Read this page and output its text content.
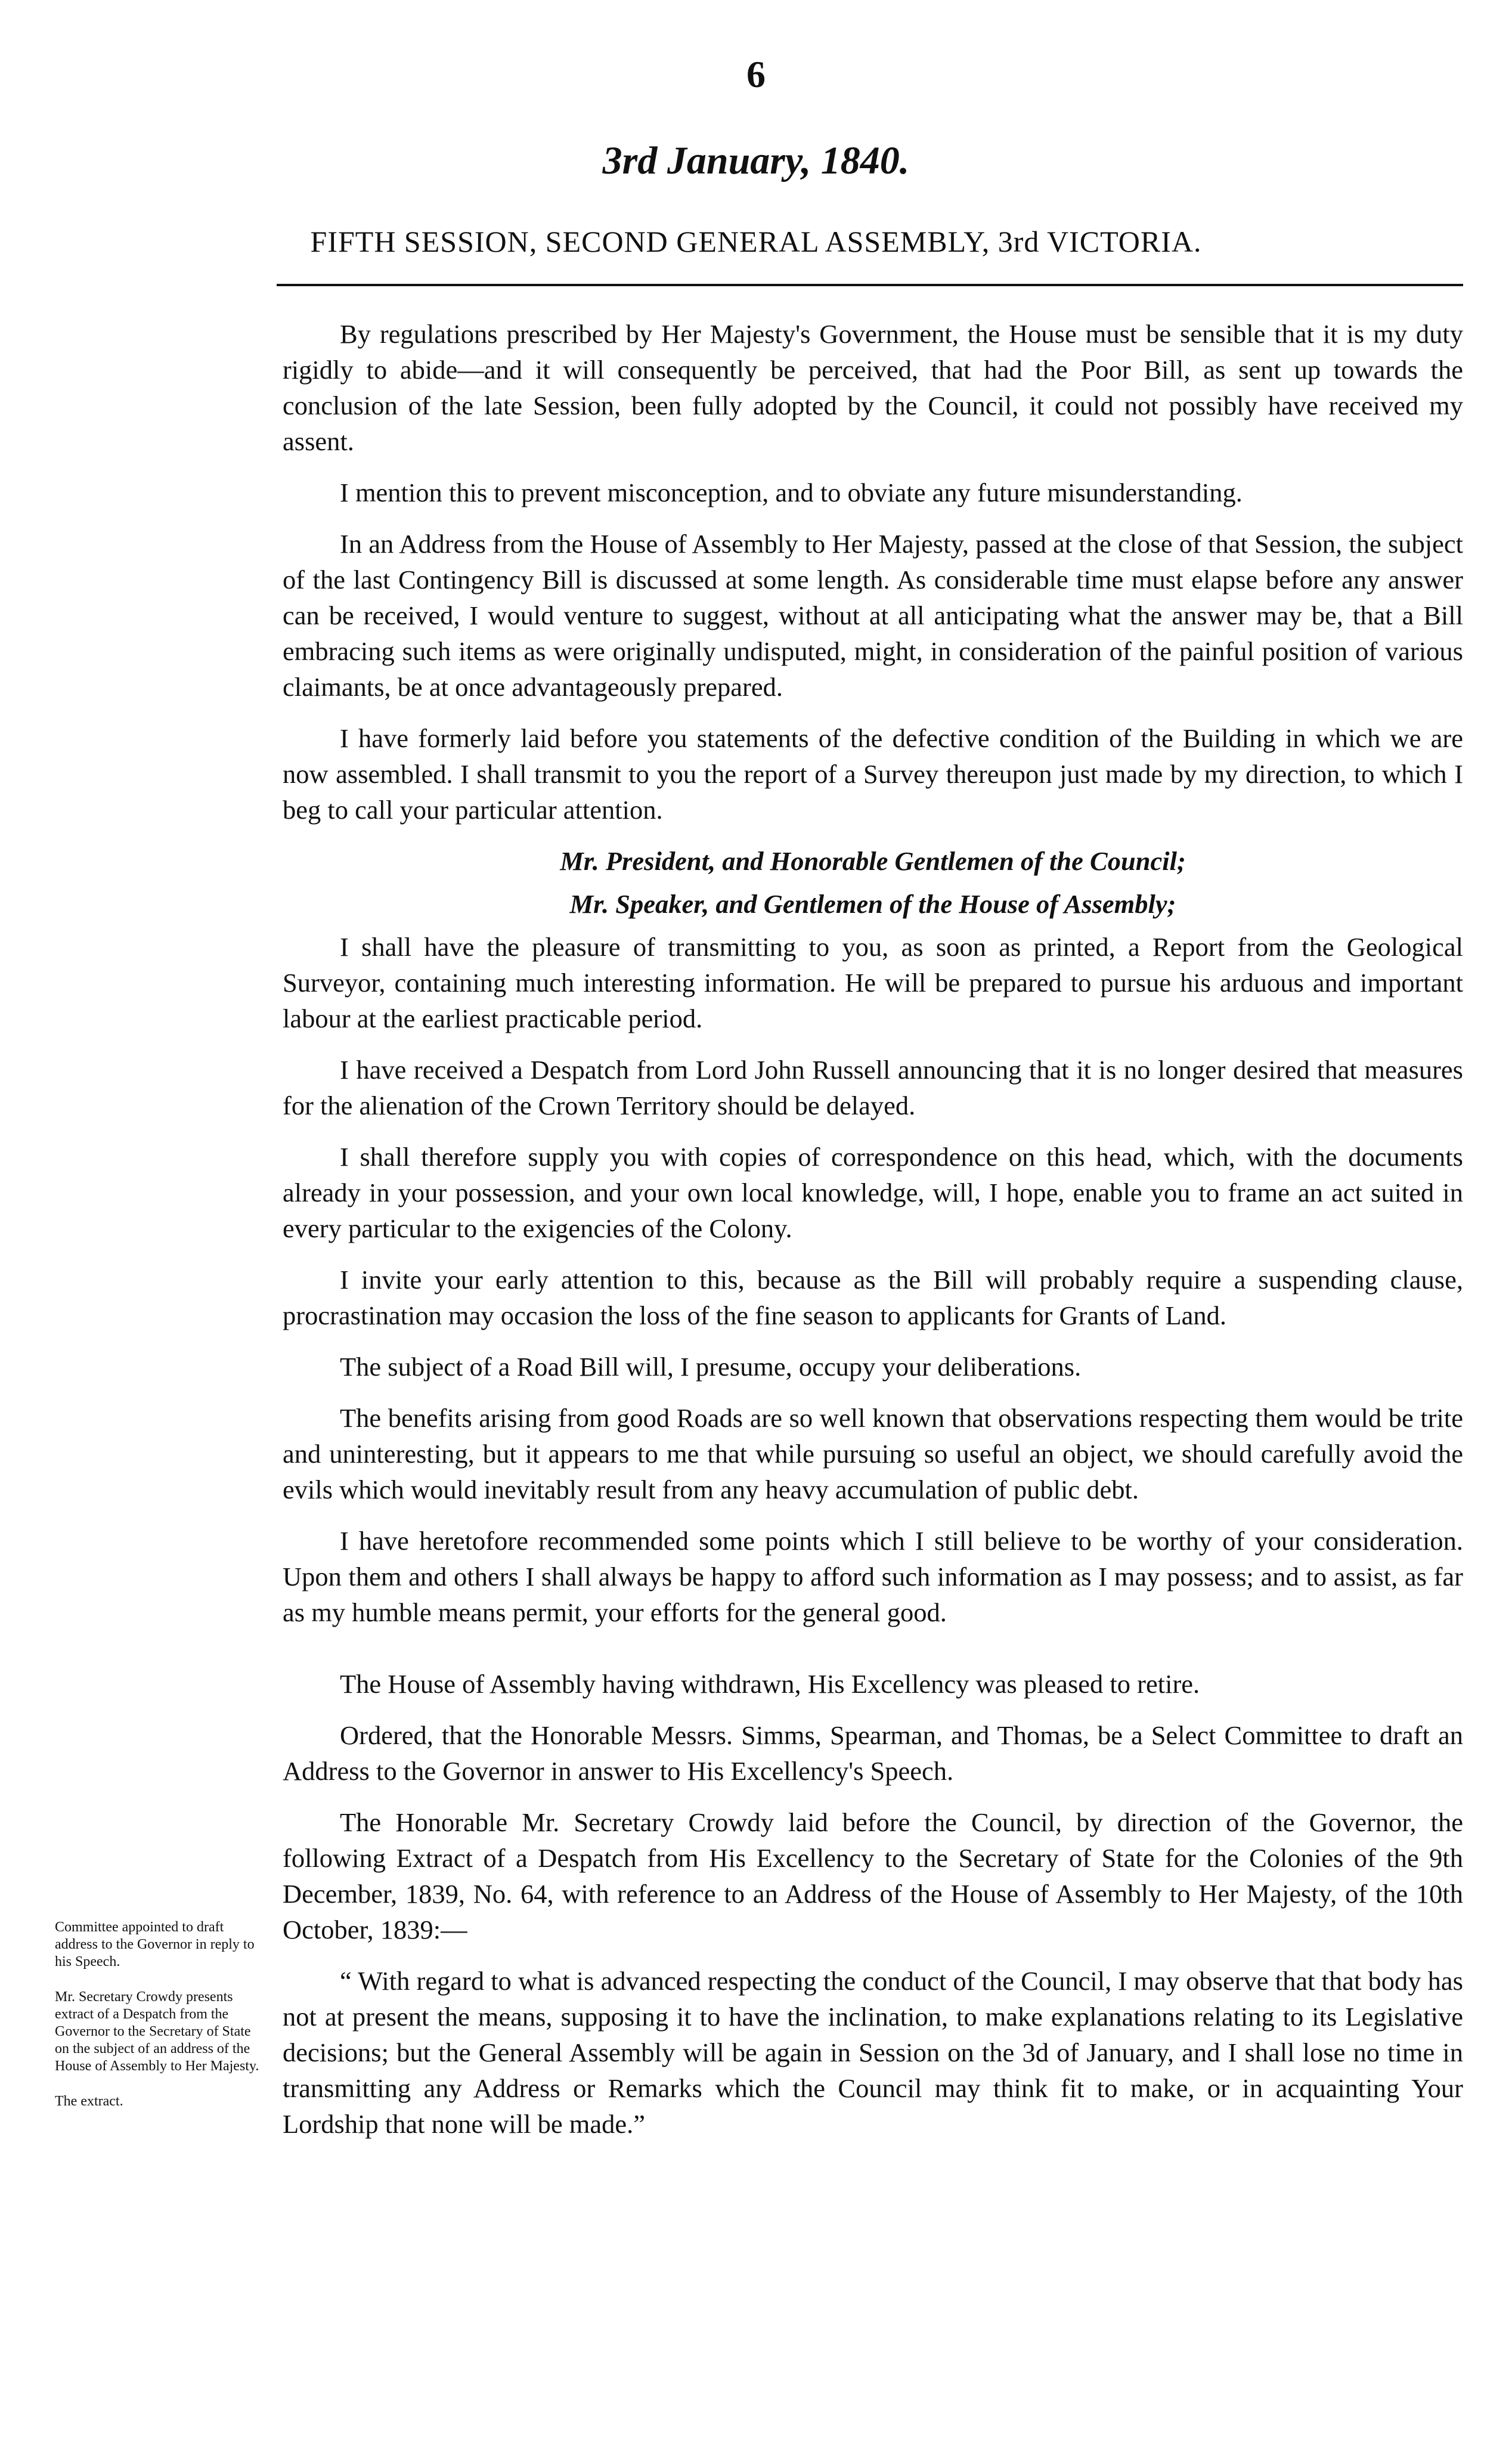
6
3rd January, 1840.
FIFTH SESSION, SECOND GENERAL ASSEMBLY, 3rd VICTORIA.

By regulations prescribed by Her Majesty's Government, the House must be sensible that it is my duty rigidly to abide—and it will consequently be perceived, that had the Poor Bill, as sent up towards the conclusion of the late Session, been fully adopted by the Council, it could not possibly have received my assent.

I mention this to prevent misconception, and to obviate any future misunderstanding.

In an Address from the House of Assembly to Her Majesty, passed at the close of that Session, the subject of the last Contingency Bill is discussed at some length. As considerable time must elapse before any answer can be received, I would venture to suggest, without at all anticipating what the answer may be, that a Bill embracing such items as were originally undisputed, might, in consideration of the painful position of various claimants, be at once advantageously prepared.

I have formerly laid before you statements of the defective condition of the Building in which we are now assembled. I shall transmit to you the report of a Survey thereupon just made by my direction, to which I beg to call your particular attention.

Mr. President, and Honorable Gentlemen of the Council;

Mr. Speaker, and Gentlemen of the House of Assembly;

I shall have the pleasure of transmitting to you, as soon as printed, a Report from the Geological Surveyor, containing much interesting information. He will be prepared to pursue his arduous and important labour at the earliest practicable period.

I have received a Despatch from Lord John Russell announcing that it is no longer desired that measures for the alienation of the Crown Territory should be delayed.

I shall therefore supply you with copies of correspondence on this head, which, with the documents already in your possession, and your own local knowledge, will, I hope, enable you to frame an act suited in every particular to the exigencies of the Colony.

I invite your early attention to this, because as the Bill will probably require a suspending clause, procrastination may occasion the loss of the fine season to applicants for Grants of Land.

The subject of a Road Bill will, I presume, occupy your deliberations.

The benefits arising from good Roads are so well known that observations respecting them would be trite and uninteresting, but it appears to me that while pursuing so useful an object, we should carefully avoid the evils which would inevitably result from any heavy accumulation of public debt.

I have heretofore recommended some points which I still believe to be worthy of your consideration. Upon them and others I shall always be happy to afford such information as I may possess; and to assist, as far as my humble means permit, your efforts for the general good.

The House of Assembly having withdrawn, His Excellency was pleased to retire.

Ordered, that the Honorable Messrs. Simms, Spearman, and Thomas, be a Select Committee to draft an Address to the Governor in answer to His Excellency's Speech.

The Honorable Mr. Secretary Crowdy laid before the Council, by direction of the Governor, the following Extract of a Despatch from His Excellency to the Secretary of State for the Colonies of the 9th December, 1839, No. 64, with reference to an Address of the House of Assembly to Her Majesty, of the 10th October, 1839:—

“ With regard to what is advanced respecting the conduct of the Council, I may observe that that body has not at present the means, supposing it to have the inclination, to make explanations relating to its Legislative decisions; but the General Assembly will be again in Session on the 3d of January, and I shall lose no time in transmitting any Address or Remarks which the Council may think fit to make, or in acquainting Your Lordship that none will be made.”

Committee appointed to draft address to the Governor in reply to his Speech.
Mr. Secretary Crowdy presents extract of a Despatch from the Governor to the Secretary of State on the subject of an address of the House of Assembly to Her Majesty.
The extract.
